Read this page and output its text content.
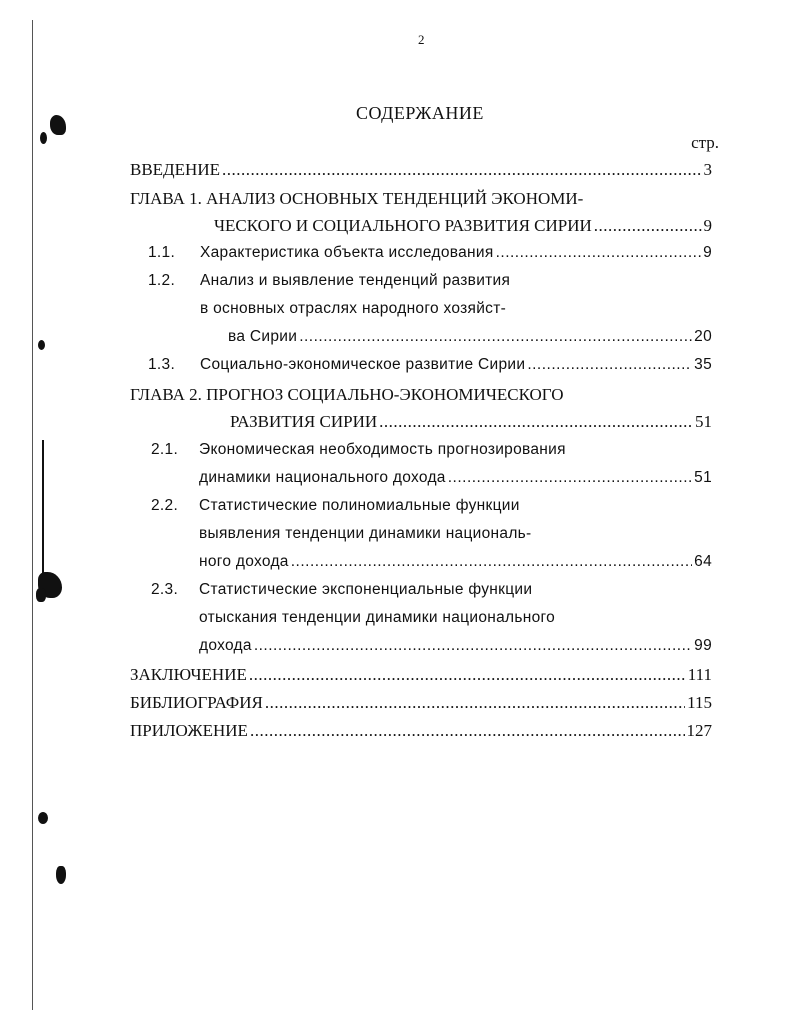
2
СОДЕРЖАНИЕ
стр.
ВВЕДЕНИЕ .....	3
ГЛАВА 1. АНАЛИЗ ОСНОВНЫХ ТЕНДЕНЦИЙ ЭКОНОМИ-
ЧЕСКОГО И СОЦИАЛЬНОГО РАЗВИТИЯ СИРИИ .....	9
1.1.	Характеристика объекта исследования .....	9
1.2. Анализ и выявление тенденций развития
в основных отраслях народного хозяйст-
ва Сирии .....	20
1.3.	Социально-экономическое развитие Сирии .....	35
ГЛАВА 2. ПРОГНОЗ СОЦИАЛЬНО-ЭКОНОМИЧЕСКОГО
РАЗВИТИЯ СИРИИ .....	51
2.1. Экономическая необходимость прогнозирования
динамики национального дохода .....	51
2.2. Статистические полиномиальные функции
выявления тенденции динамики националь-
ного дохода .....	64
2.3. Статистические экспоненциальные функции
отыскания тенденции динамики национального
дохода .....	99
ЗАКЛЮЧЕНИЕ .....	111
БИБЛИОГРАФИЯ .....	115
ПРИЛОЖЕНИЕ .....	127
